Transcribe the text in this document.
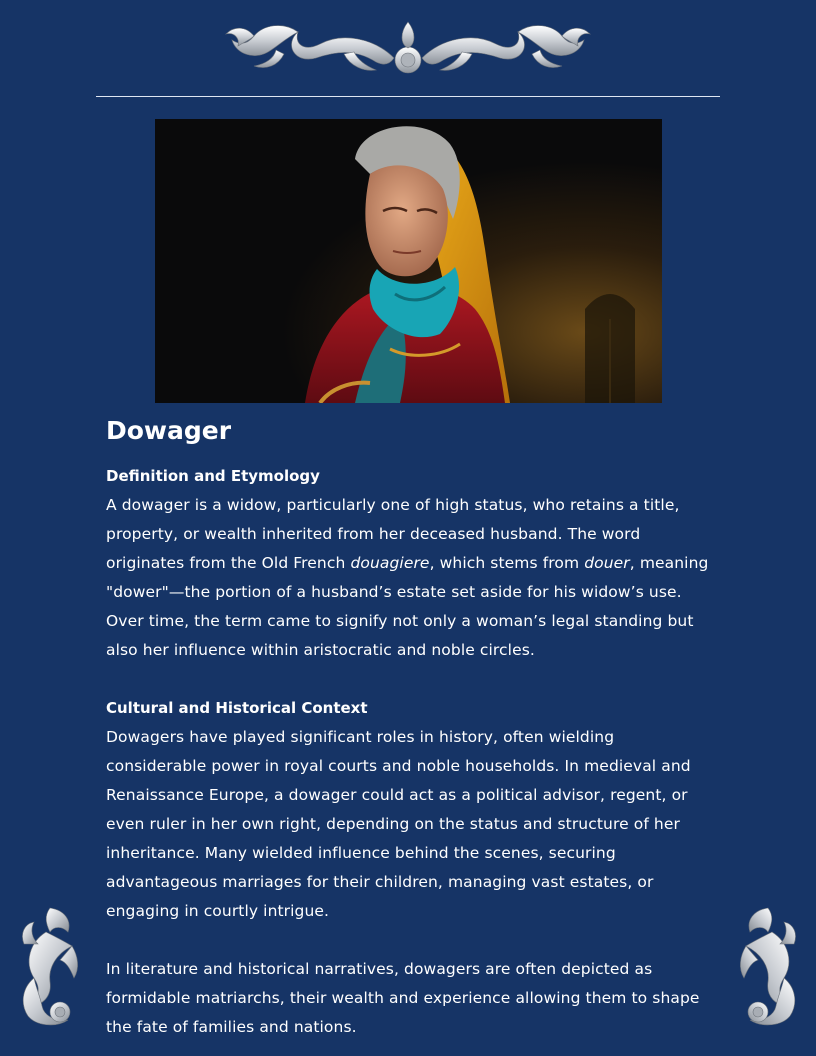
Dowager
Definition and Etymology

A dowager is a widow, particularly one of high status, who retains a title, property, or wealth inherited from her deceased husband. The word originates from the Old French douagiere, which stems from douer, meaning "dower"—the portion of a husband’s estate set aside for his widow’s use. Over time, the term came to signify not only a woman’s legal standing but also her influence within aristocratic and noble circles.

Cultural and Historical Context

Dowagers have played significant roles in history, often wielding considerable power in royal courts and noble households. In medieval and Renaissance Europe, a dowager could act as a political advisor, regent, or even ruler in her own right, depending on the status and structure of her inheritance. Many wielded influence behind the scenes, securing advantageous marriages for their children, managing vast estates, or engaging in courtly intrigue.

In literature and historical narratives, dowagers are often depicted as formidable matriarchs, their wealth and experience allowing them to shape the fate of families and nations.
